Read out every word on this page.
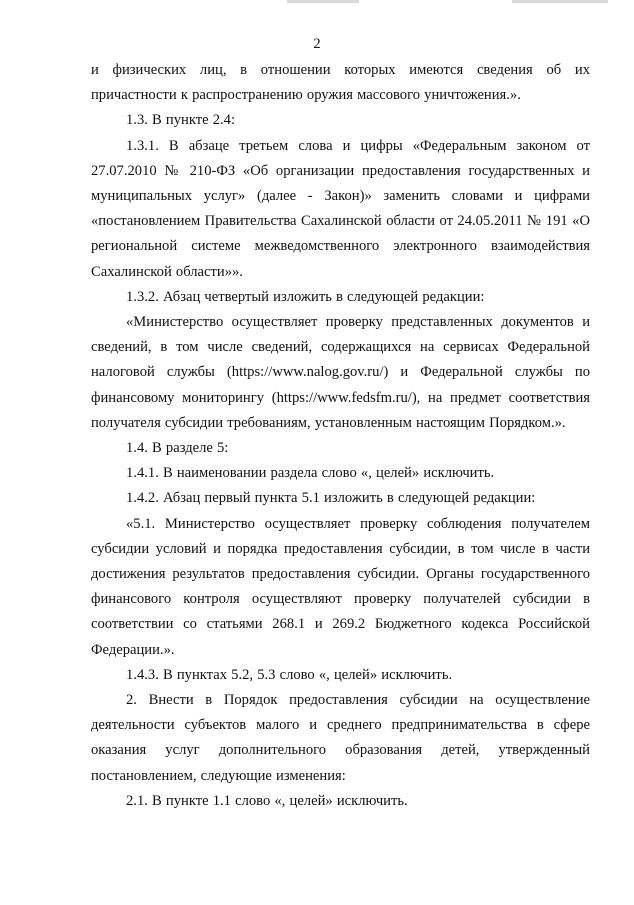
2

и физических лиц, в отношении которых имеются сведения об их причастности к распространению оружия массового уничтожения.».

1.3. В пункте 2.4:

1.3.1. В абзаце третьем слова и цифры «Федеральным законом от 27.07.2010 № 210-ФЗ «Об организации предоставления государственных и муниципальных услуг» (далее - Закон)» заменить словами и цифрами «постановлением Правительства Сахалинской области от 24.05.2011 № 191 «О региональной системе межведомственного электронного взаимодействия Сахалинской области»».

1.3.2. Абзац четвертый изложить в следующей редакции:

«Министерство осуществляет проверку представленных документов и сведений, в том числе сведений, содержащихся на сервисах Федеральной налоговой службы (https://www.nalog.gov.ru/) и Федеральной службы по финансовому мониторингу (https://www.fedsfm.ru/), на предмет соответствия получателя субсидии требованиям, установленным настоящим Порядком.».

1.4. В разделе 5:

1.4.1. В наименовании раздела слово «, целей» исключить.

1.4.2. Абзац первый пункта 5.1 изложить в следующей редакции:

«5.1. Министерство осуществляет проверку соблюдения получателем субсидии условий и порядка предоставления субсидии, в том числе в части достижения результатов предоставления субсидии. Органы государственного финансового контроля осуществляют проверку получателей субсидии в соответствии со статьями 268.1 и 269.2 Бюджетного кодекса Российской Федерации.».

1.4.3. В пунктах 5.2, 5.3 слово «, целей» исключить.

2. Внести в Порядок предоставления субсидии на осуществление деятельности субъектов малого и среднего предпринимательства в сфере оказания услуг дополнительного образования детей, утвержденный постановлением, следующие изменения:

2.1. В пункте 1.1 слово «, целей» исключить.
